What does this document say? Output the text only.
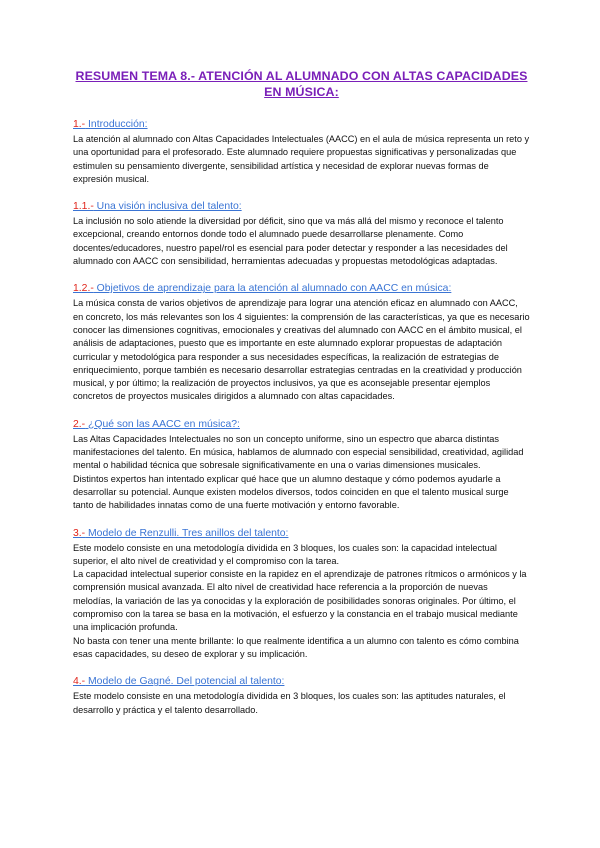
RESUMEN TEMA 8.- ATENCIÓN AL ALUMNADO CON ALTAS CAPACIDADES
EN MÚSICA:
1.- Introducción:

La atención al alumnado con Altas Capacidades Intelectuales (AACC) en el aula de música representa un reto y una oportunidad para el profesorado. Este alumnado requiere propuestas significativas y personalizadas que estimulen su pensamiento divergente, sensibilidad artística y necesidad de explorar nuevas formas de expresión musical.

1.1.- Una visión inclusiva del talento:

La inclusión no solo atiende la diversidad por déficit, sino que va más allá del mismo y reconoce el talento excepcional, creando entornos donde todo el alumnado puede desarrollarse plenamente. Como docentes/educadores, nuestro papel/rol es esencial para poder detectar y responder a las necesidades del alumnado con AACC con sensibilidad, herramientas adecuadas y propuestas metodológicas adaptadas.

1.2.- Objetivos de aprendizaje para la atención al alumnado con AACC en música:

La música consta de varios objetivos de aprendizaje para lograr una atención eficaz en alumnado con AACC, en concreto, los más relevantes son los 4 siguientes: la comprensión de las características, ya que es necesario conocer las dimensiones cognitivas, emocionales y creativas del alumnado con AACC en el ámbito musical, el análisis de adaptaciones, puesto que es importante en este alumnado explorar propuestas de adaptación curricular y metodológica para responder a sus necesidades específicas, la realización de estrategias de enriquecimiento, porque también es necesario desarrollar estrategias centradas en la creatividad y producción musical, y por último; la realización de proyectos inclusivos, ya que es aconsejable presentar ejemplos concretos de proyectos musicales dirigidos a alumnado con altas capacidades.

2.- ¿Qué son las AACC en música?:

Las Altas Capacidades Intelectuales no son un concepto uniforme, sino un espectro que abarca distintas manifestaciones del talento. En música, hablamos de alumnado con especial sensibilidad, creatividad, agilidad mental o habilidad técnica que sobresale significativamente en una o varias dimensiones musicales.

Distintos expertos han intentado explicar qué hace que un alumno destaque y cómo podemos ayudarle a desarrollar su potencial. Aunque existen modelos diversos, todos coinciden en que el talento musical surge tanto de habilidades innatas como de una fuerte motivación y entorno favorable.

3.- Modelo de Renzulli. Tres anillos del talento:

Este modelo consiste en una metodología dividida en 3 bloques, los cuales son: la capacidad intelectual superior, el alto nivel de creatividad y el compromiso con la tarea.

La capacidad intelectual superior consiste en la rapidez en el aprendizaje de patrones rítmicos o armónicos y la comprensión musical avanzada. El alto nivel de creatividad hace referencia a la proporción de nuevas melodías, la variación de las ya conocidas y la exploración de posibilidades sonoras originales. Por último, el compromiso con la tarea se basa en la motivación, el esfuerzo y la constancia en el trabajo musical mediante una implicación profunda.

No basta con tener una mente brillante: lo que realmente identifica a un alumno con talento es cómo combina esas capacidades, su deseo de explorar y su implicación.

4.- Modelo de Gagné. Del potencial al talento:

Este modelo consiste en una metodología dividida en 3 bloques, los cuales son: las aptitudes naturales, el desarrollo y práctica y el talento desarrollado.
